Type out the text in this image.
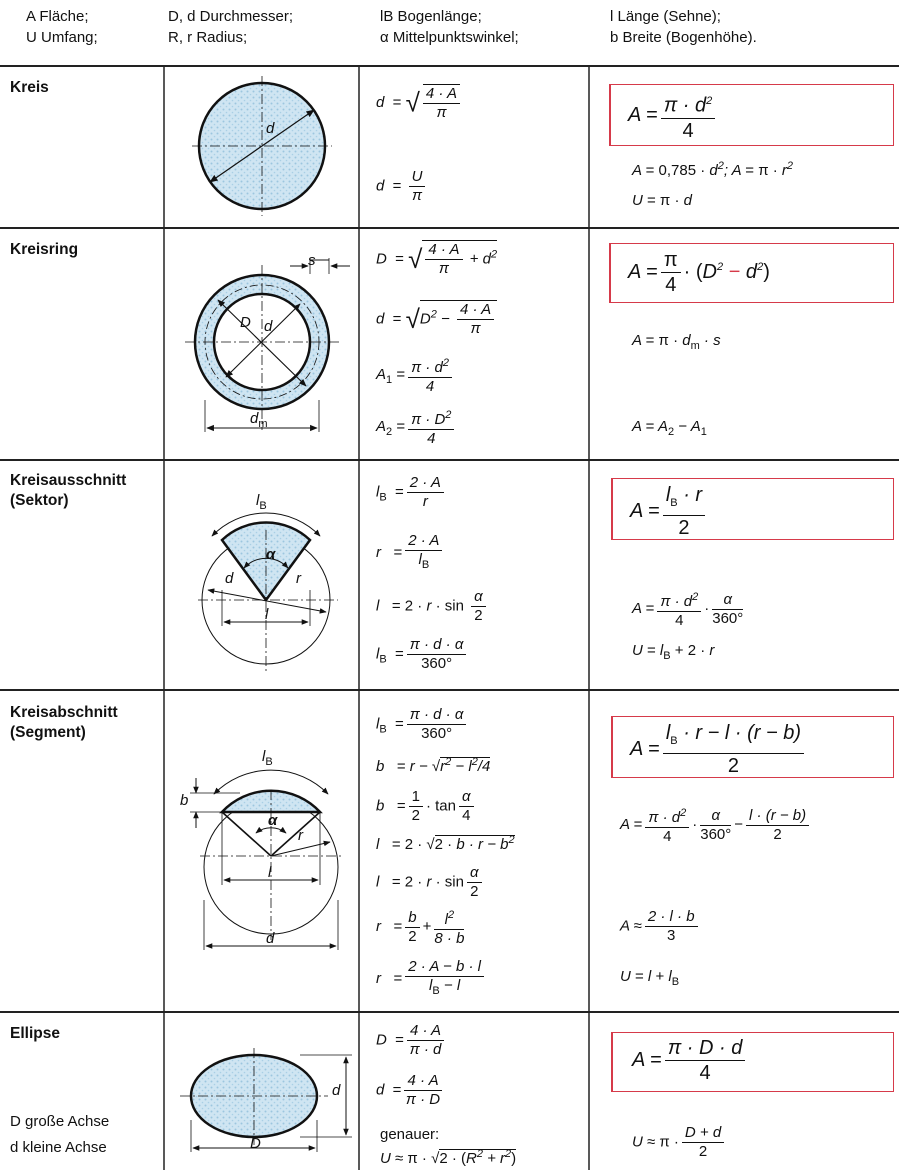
A Fläche;
U Umfang;
D, d Durchmesser;
R, r Radius;
lB Bogenlänge;
α Mittelpunktswinkel;
l Länge (Sehne);
b Breite (Bogenhöhe).
d
s
D d
$d_m$
$l_B$
α
d	r
l
$l_B$
b
α
r
l
d
D
d
Kreis
Kreisring
Kreisausschnitt
(Sektor)
Kreisabschnitt
(Segment)
Ellipse
D große Achse
d kleine Achse
d  = √ $\frac{4 \cdot A}{\pi}$
$d = \frac{U}{\pi}$
D  = √ $\frac{4 \cdot A}{\pi} + d^2$
$d = √D^2 - \frac{4 \cdot A}{\pi}$
$A_1 = \frac{\pi \cdot d^2}{4}$
$A_2 = \frac{\pi \cdot D^2}{4}$
$l_B = \frac{2 \cdot A}{r}$
$r = \frac{2 \cdot A}{l_B}$
$l = 2 \cdot r \cdot \sin \frac{\alpha}{2}$
$l_B = \frac{\pi \cdot d \cdot \alpha}{360^\circ}$
$l_B = \frac{\pi \cdot d \cdot \alpha}{360^\circ}$
$b = r - √r^2 - l^2/4$
$b = \frac{1}{2} \cdot \tan \frac{\alpha}{4}$
$l = 2 \cdot √2 \cdot b \cdot r - b^2$
$l = 2 \cdot r \cdot \sin \frac{\alpha}{2}$
$r = \frac{b}{2} + \frac{l^2}{8 \cdot b}$
$r = \frac{2 \cdot A - b \cdot l}{l_B - l}$
$D = \frac{4 \cdot A}{\pi \cdot d}$
$d = \frac{4 \cdot A}{\pi \cdot D}$
genauer:
$U \approx \pi \cdot √2 \cdot (R^2 + r^2)$
$A = \frac{\pi \cdot d^2}{4}$
$A = 0,785 \cdot d^2$; $A = \pi \cdot r^2$
U = π · d
$A = \frac{\pi}{4} \cdot (D^2 - d^2)$
$A = \pi \cdot d_m \cdot s$
$A = A_2 - A_1$
$A = \frac{l_B \cdot r}{2}$
$A = \frac{\pi \cdot d^2}{4} \cdot \frac{\alpha}{360^\circ}$
$U = l_B + 2 \cdot r$
$A = \frac{l_B \cdot r - l \cdot (r - b)}{2}$
$A = \frac{\pi \cdot d^2}{4} \cdot \frac{\alpha}{360^\circ} - \frac{l \cdot (r - b)}{2}$
$A \approx \frac{2 \cdot l \cdot b}{3}$
$U = l + l_B$
$A = \frac{\pi \cdot D \cdot d}{4}$
$U \approx \pi \cdot \frac{D + d}{2}$
